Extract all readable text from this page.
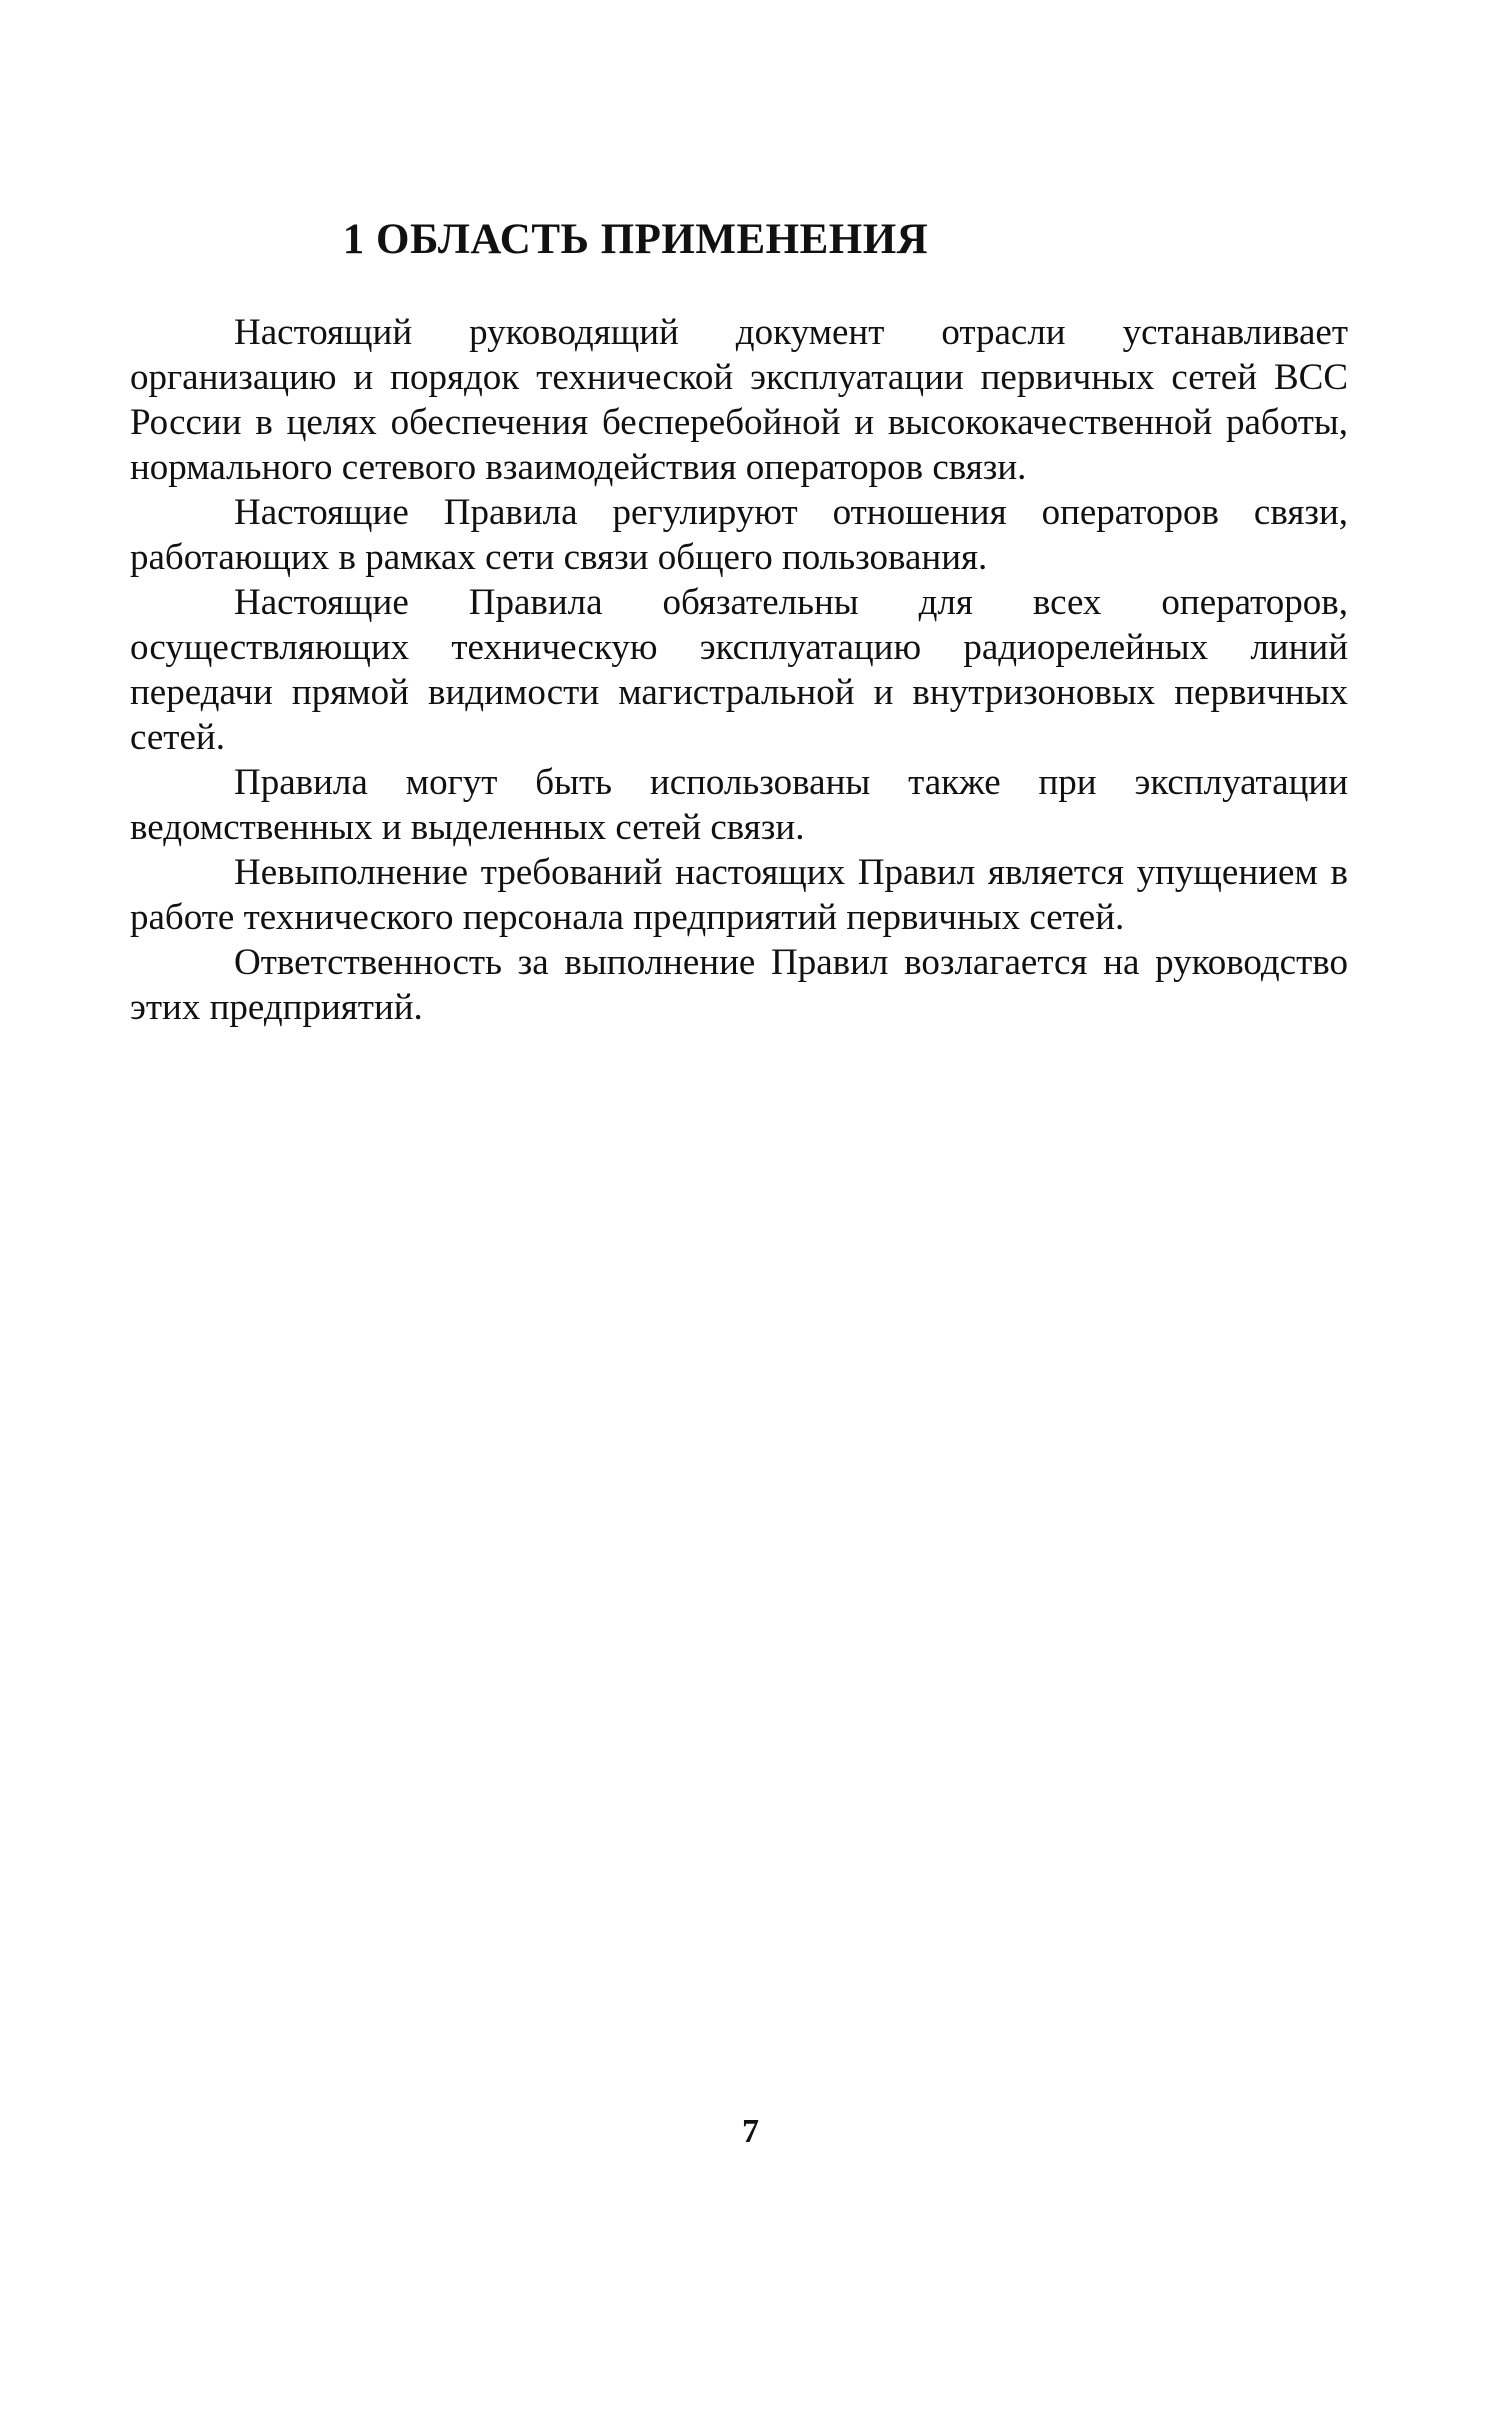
1 ОБЛАСТЬ ПРИМЕНЕНИЯ

Настоящий руководящий документ отрасли устанавливает организацию и порядок технической эксплуатации первичных сетей ВСС России в целях обеспечения бесперебойной и высококачественной работы, нормального сетевого взаимодействия операторов связи.

Настоящие Правила регулируют отношения операторов связи, работающих в рамках сети связи общего пользования.

Настоящие Правила обязательны для всех операторов, осуществляющих техническую эксплуатацию радиорелейных линий передачи прямой видимости магистральной и внутризоновых первичных сетей.

Правила могут быть использованы также при эксплуатации ведомственных и выделенных сетей связи.

Невыполнение требований настоящих Правил является упущением в работе технического персонала предприятий первичных сетей.

Ответственность за выполнение Правил возлагается на руководство этих предприятий.

7
